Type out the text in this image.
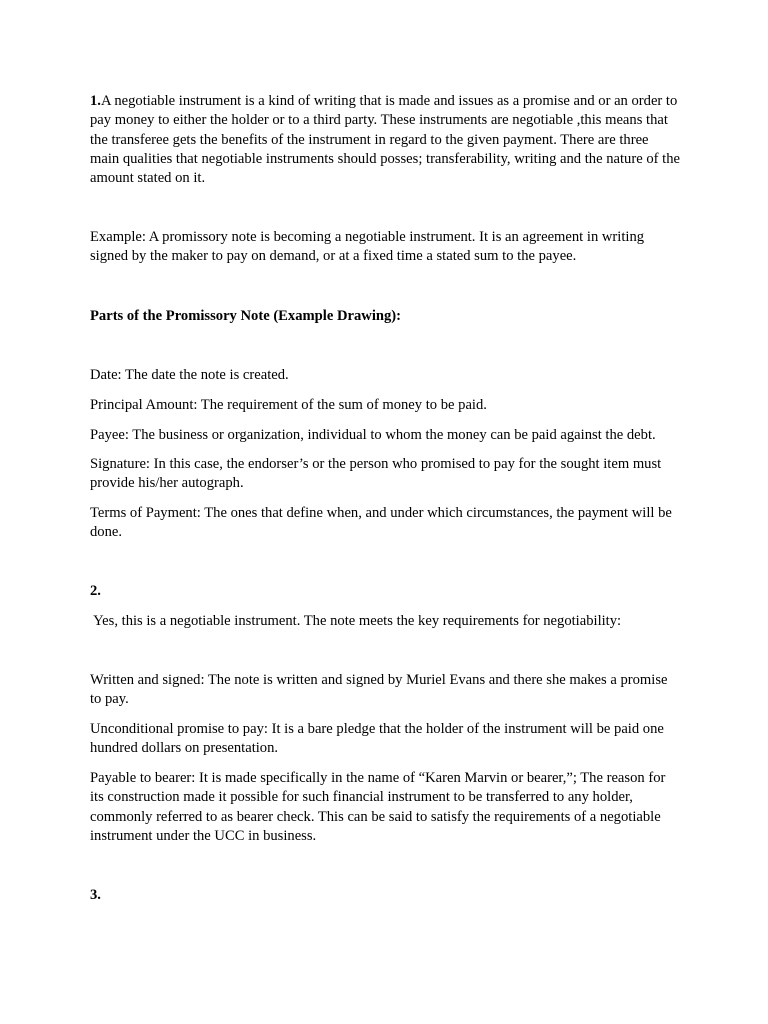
1.A negotiable instrument is a kind of writing that is made and issues as a promise and or an order to pay money to either the holder or to a third party. These instruments are negotiable ,this means that the transferee gets the benefits of the instrument in regard to the given payment. There are three main qualities that negotiable instruments should posses; transferability, writing and the nature of the amount stated on it.

Example: A promissory note is becoming a negotiable instrument. It is an agreement in writing signed by the maker to pay on demand, or at a fixed time a stated sum to the payee.

Parts of the Promissory Note (Example Drawing):

Date: The date the note is created.

Principal Amount: The requirement of the sum of money to be paid.

Payee: The business or organization, individual to whom the money can be paid against the debt.

Signature: In this case, the endorser’s or the person who promised to pay for the sought item must provide his/her autograph.

Terms of Payment: The ones that define when, and under which circumstances, the payment will be done.

2.

Yes, this is a negotiable instrument. The note meets the key requirements for negotiability:

Written and signed: The note is written and signed by Muriel Evans and there she makes a promise to pay.

Unconditional promise to pay: It is a bare pledge that the holder of the instrument will be paid one hundred dollars on presentation.

Payable to bearer: It is made specifically in the name of “Karen Marvin or bearer,”; The reason for its construction made it possible for such financial instrument to be transferred to any holder, commonly referred to as bearer check. This can be said to satisfy the requirements of a negotiable instrument under the UCC in business.

3.
